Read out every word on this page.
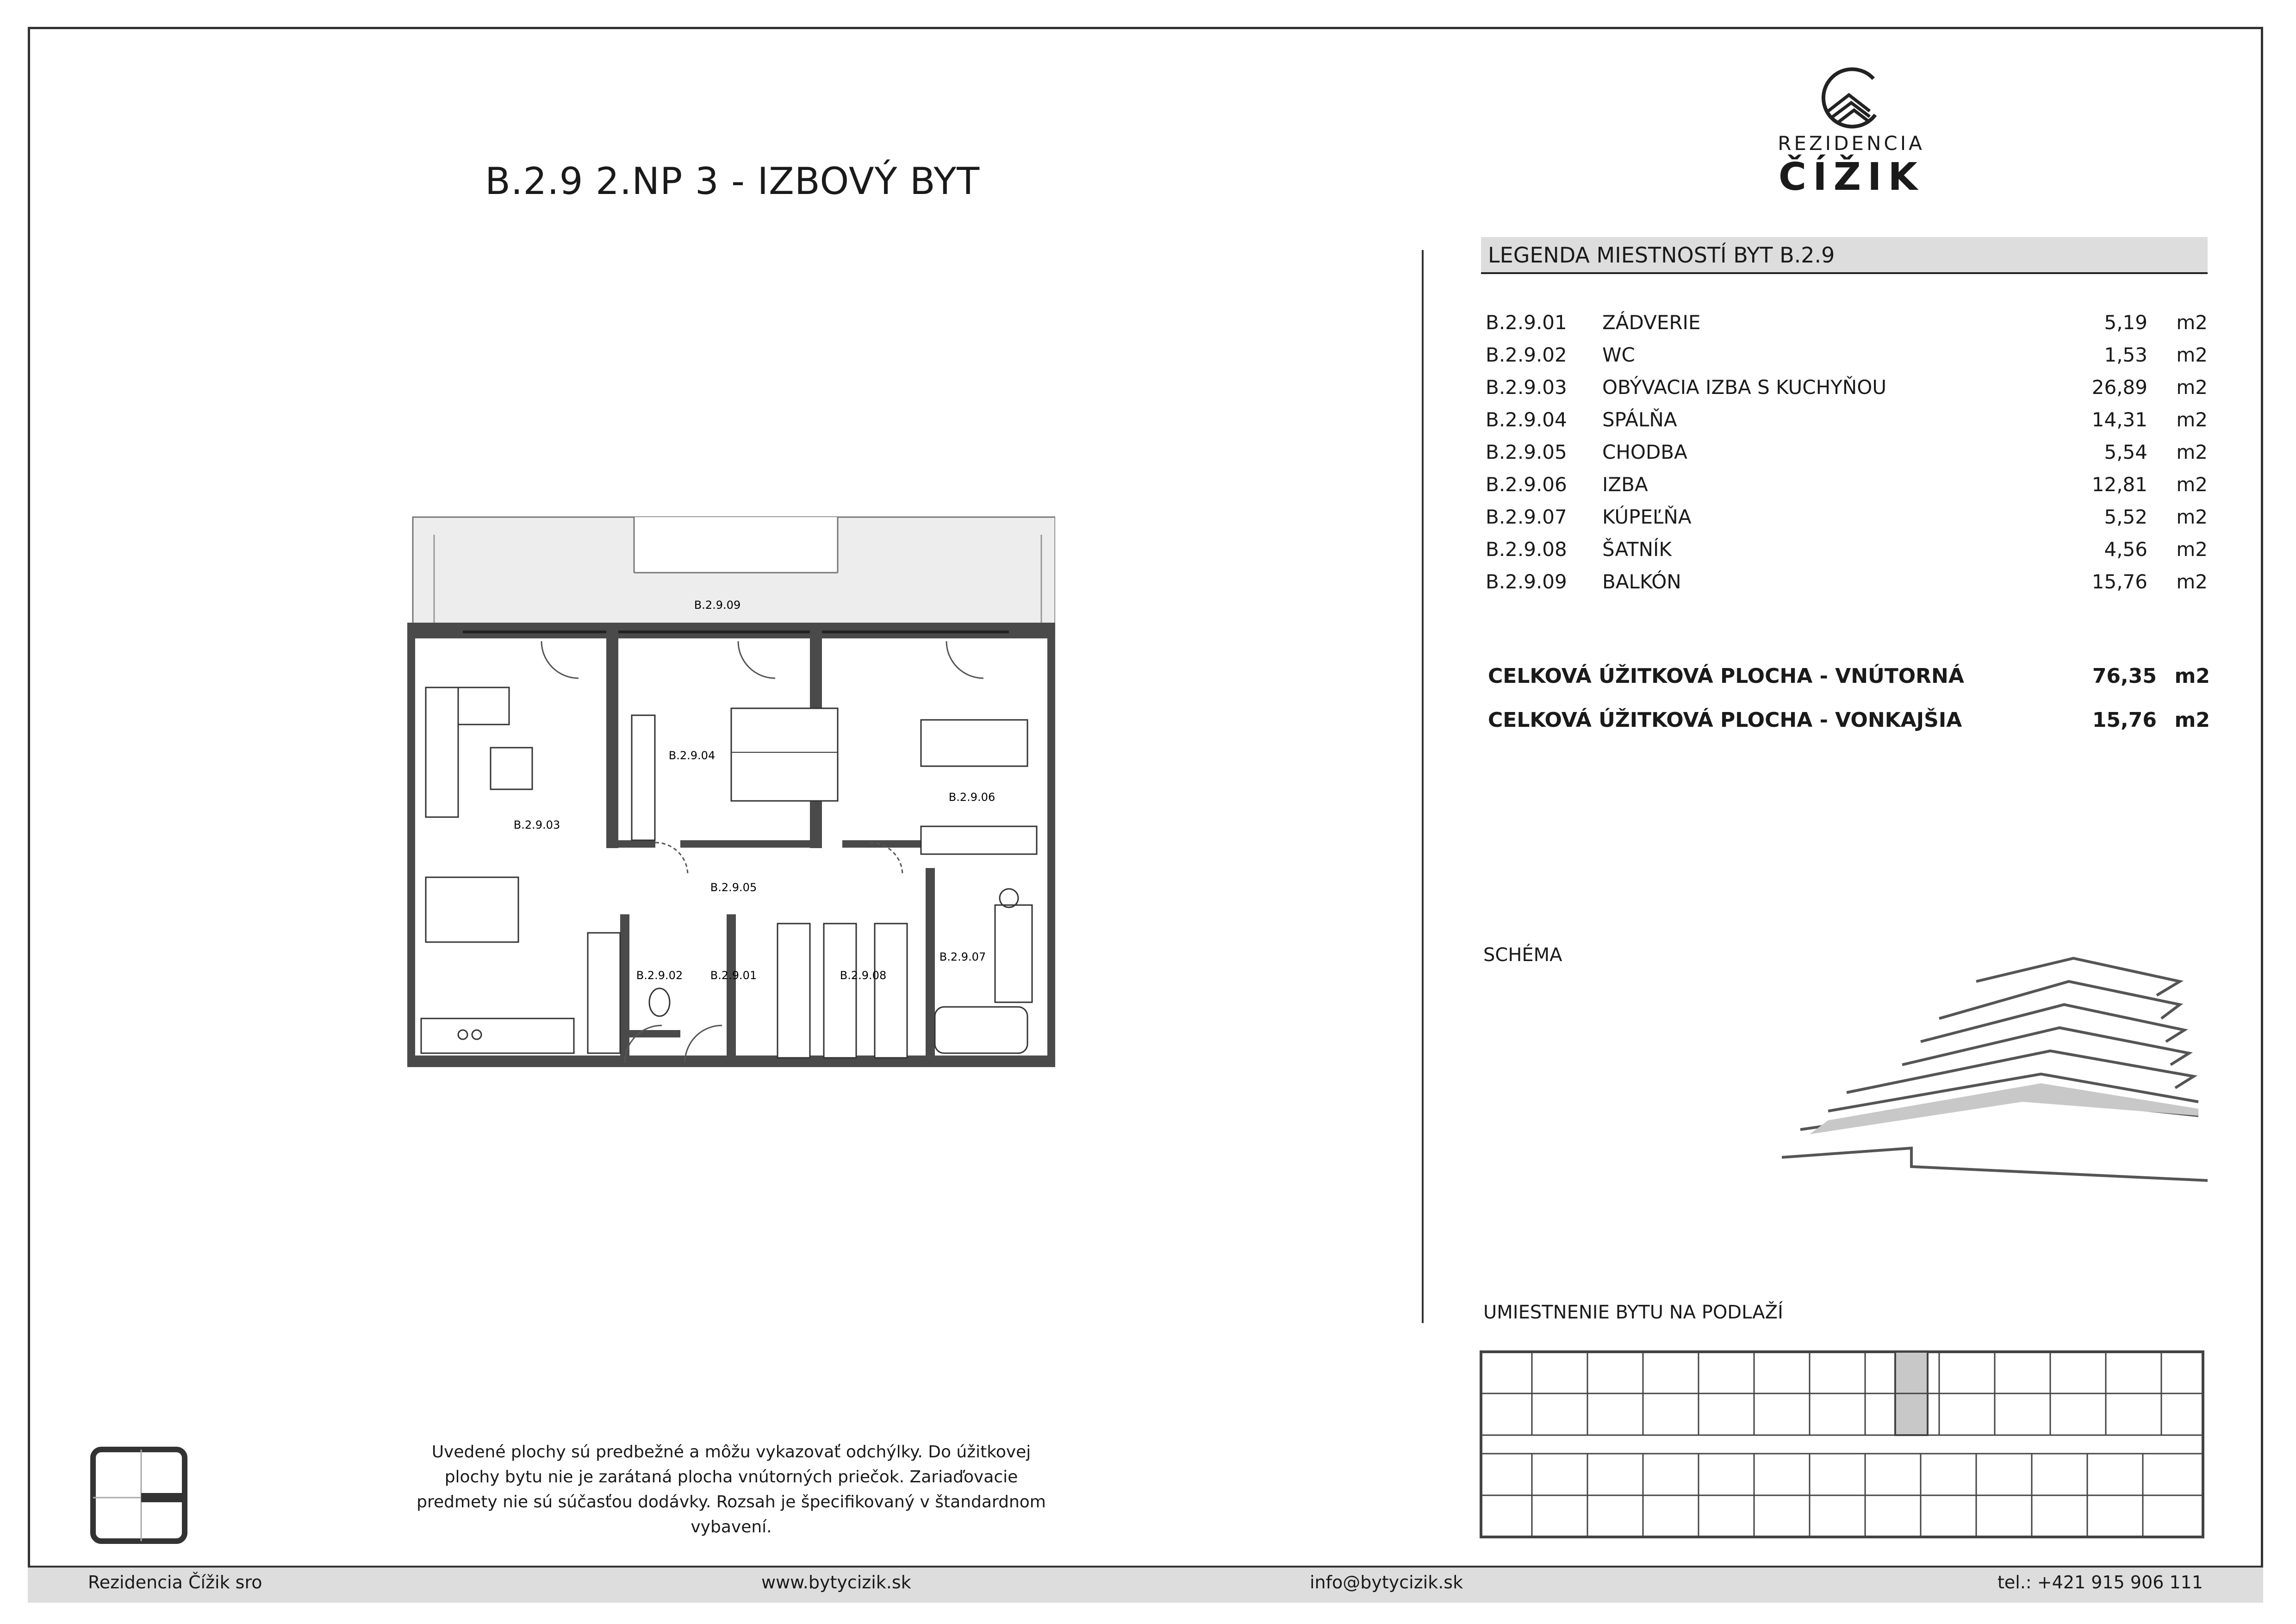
B.2.9 2.NP 3 - IZBOVÝ BYT
REZIDENCIA
ČÍŽIK
LEGENDA MIESTNOSTÍ BYT B.2.9
B.2.9.01 ZÁDVERIE	5,19 m2
B.2.9.02 WC	1,53 m2
B.2.9.03 OBÝVACIA IZBA S KUCHYŇOU	26,89 m2
B.2.9.04 SPÁLŇA	14,31 m2
B.2.9.05 CHODBA	5,54 m2
B.2.9.06 IZBA	12,81 m2
B.2.9.07 KÚPEĽŇA	5,52 m2
B.2.9.08 ŠATNÍK	4,56 m2
B.2.9.09 BALKÓN	15,76 m2
CELKOVÁ ÚŽITKOVÁ PLOCHA - VNÚTORNÁ	76,35 m2
CELKOVÁ ÚŽITKOVÁ PLOCHA - VONKAJŠIA	15,76 m2
B.2.9.09
B.2.9.04
B.2.9.06
B.2.9.03
B.2.9.05
B.2.9.07
B.2.9.02 B.2.9.01	B.2.9.08
SCHÉMA
UMIESTNENIE BYTU NA PODLAŽÍ
Uvedené plochy sú predbežné a môžu vykazovať odchýlky. Do úžitkovej plochy bytu nie je zarátaná plocha vnútorných priečok. Zariaďovacie predmety nie sú súčasťou dodávky. Rozsah je špecifikovaný v štandardnom vybavení.
Rezidencia Čížik sro	www.bytycizik.sk	info@bytycizik.sk	tel.: +421 915 906 111
